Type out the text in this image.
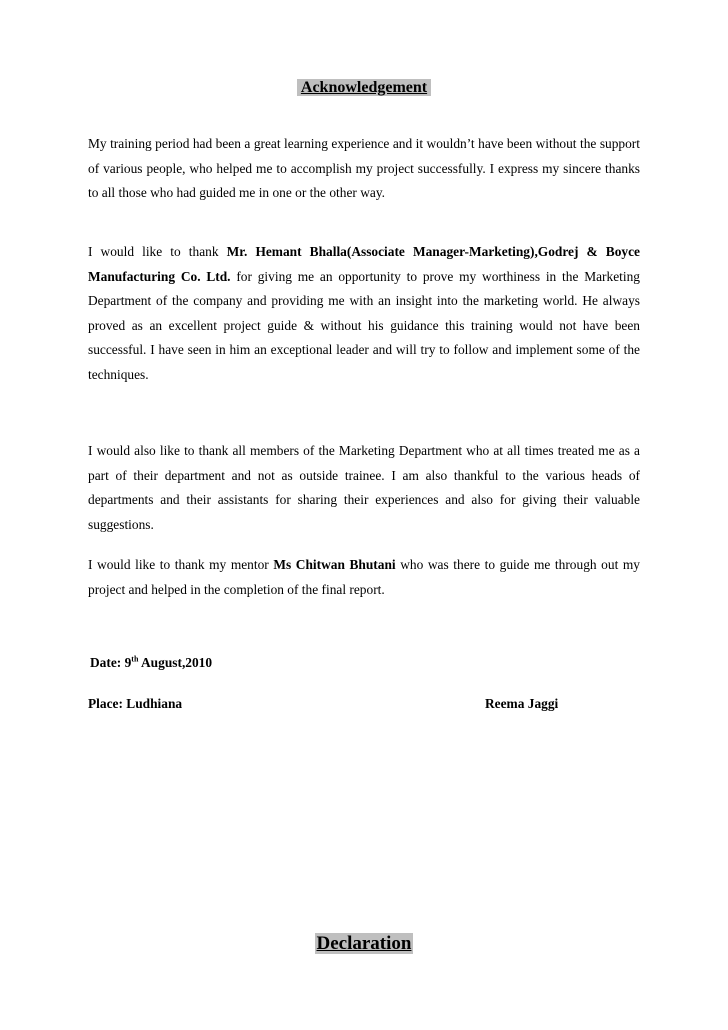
Acknowledgement

My training period had been a great learning experience and it wouldn’t have been without the support of various people, who helped me to accomplish my project successfully. I express my sincere thanks to all those who had guided me in one or the other way.

I would like to thank Mr. Hemant Bhalla(Associate Manager-Marketing),Godrej & Boyce Manufacturing Co. Ltd. for giving me an opportunity to prove my worthiness in the Marketing Department of the company and providing me with an insight into the marketing world. He always proved as an excellent project guide & without his guidance this training would not have been successful. I have seen in him an exceptional leader and will try to follow and implement some of the techniques.

I would also like to thank all members of the Marketing Department who at all times treated me as a part of their department and not as outside trainee. I am also thankful to the various heads of departments and their assistants for sharing their experiences and also for giving their valuable suggestions.

I would like to thank my mentor Ms Chitwan Bhutani who was there to guide me through out my project and helped in the completion of the final report.

Date: 9th August,2010
Place: Ludhiana	Reema Jaggi
Declaration
